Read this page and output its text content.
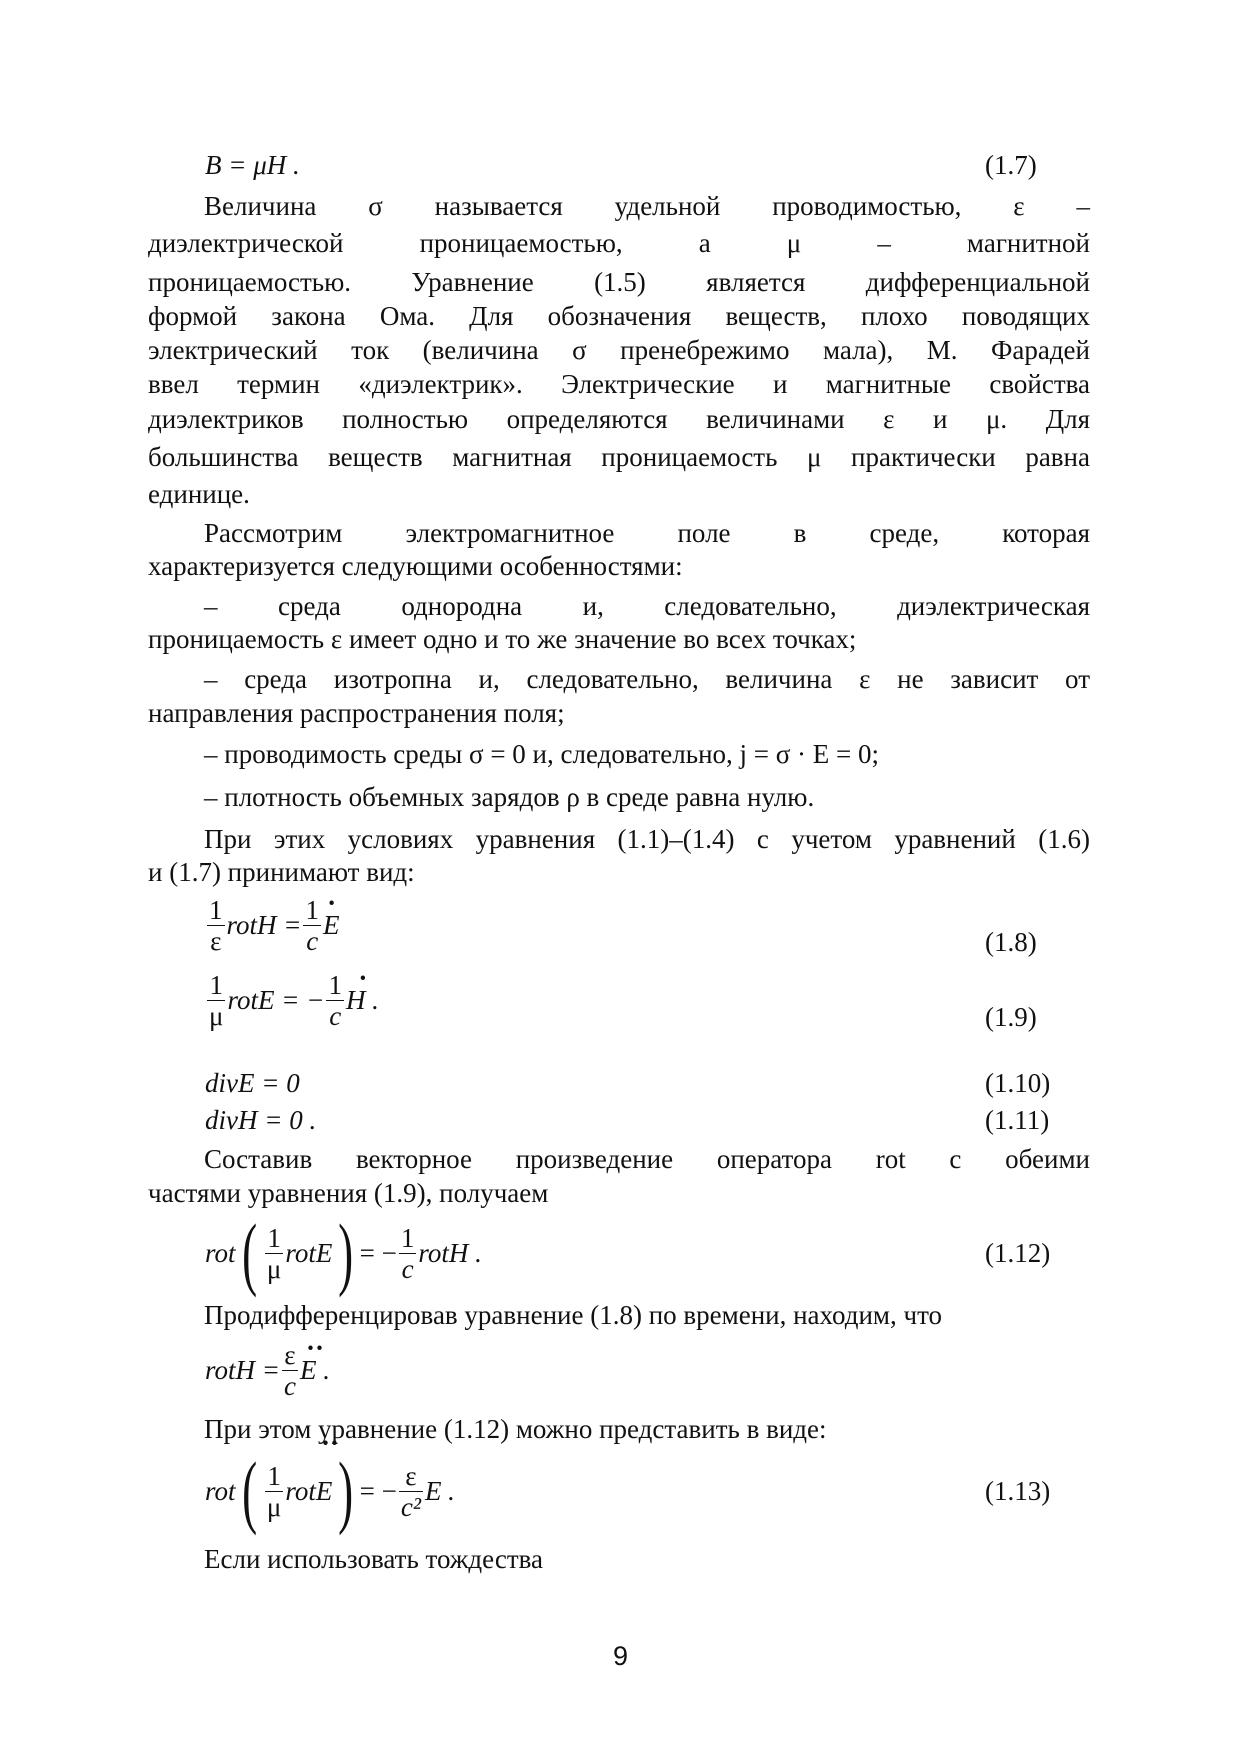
B = μH .	(1.7)
Величина σ называется удельной проводимостью, ε –
диэлектрической проницаемостью, а μ – магнитной
проницаемостью. Уравнение (1.5) является дифференциальной
формой закона Ома. Для обозначения веществ, плохо поводящих
электрический ток (величина σ пренебрежимо мала), М. Фарадей
ввел термин «диэлектрик». Электрические и магнитные свойства
диэлектриков полностью определяются величинами ε и μ. Для
большинства веществ магнитная проницаемость μ практически равна
единице.
Рассмотрим электромагнитное поле в среде, которая
характеризуется следующими особенностями:
– среда однородна и, следовательно, диэлектрическая
проницаемость ε имеет одно и то же значение во всех точках;
– среда изотропна и, следовательно, величина ε не зависит от
направления распространения поля;
– проводимость среды σ = 0 и, следовательно, j = σ · E = 0;
– плотность объемных зарядов ρ в среде равна нулю.
При этих условиях уравнения (1.1)–(1.4) с учетом уравнений (1.6)
и (1.7) принимают вид:
$\frac{1}{\varepsilon}$ rotH = $\frac{1}{c} \cdot E$
(1.8)
$\frac{1}{\mu}$ rotE = − $\frac{1}{c} \cdot H$ .
(1.9)
divE = 0	(1.10)
divH = 0 .	(1.11)
Составив векторное произведение оператора rot с обеими
частями уравнения (1.9), получаем
$rot( \frac{1}{\mu}$ rotE) = − $\frac{1}{c}$ rotH .	(1.12)
Продифференцировав уравнение (1.8) по времени, находим, что
rotH = $\frac{\varepsilon}{c} \cdot\cdot E$ .
При этом уравнение (1.12) можно представить в виде:
$rot( \frac{1}{\mu}$ rotE) = − $\frac{\varepsilon}{\text{c²}} \cdot\cdot E$ .	(1.13)
Если использовать тождества
9
